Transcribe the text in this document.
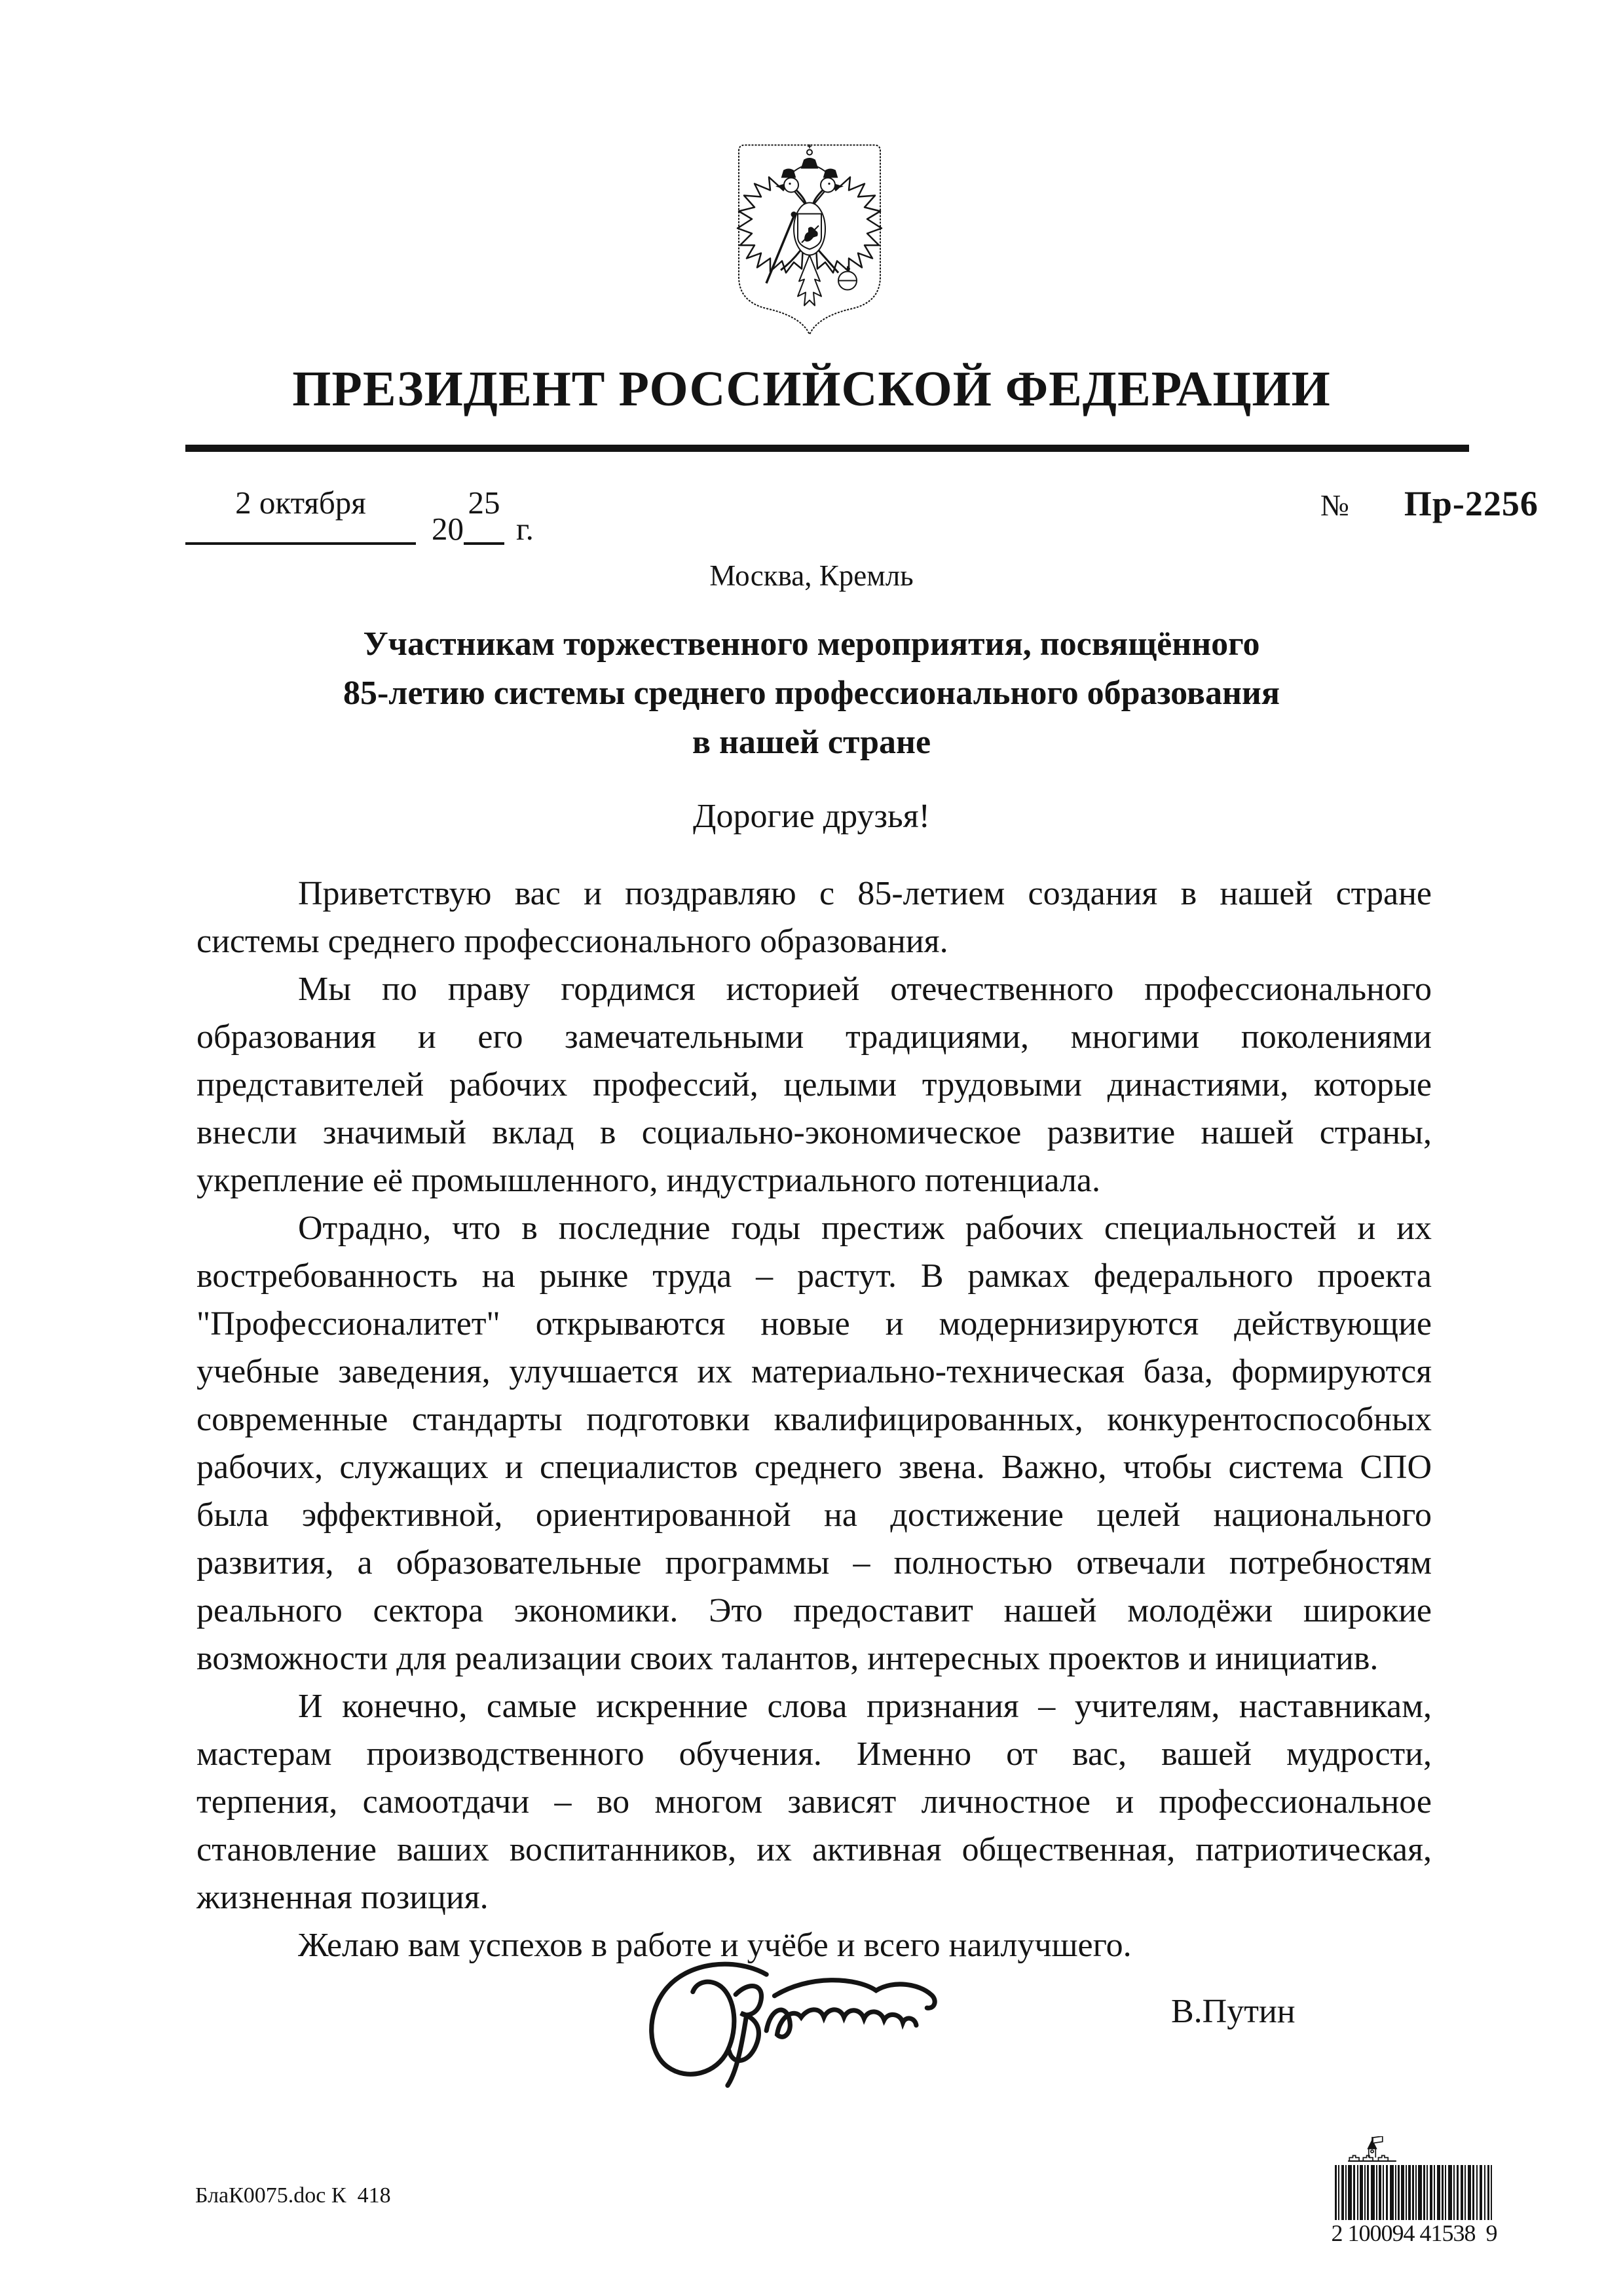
ПРЕЗИДЕНТ РОССИЙСКОЙ ФЕДЕРАЦИИ
2 октября
20
25
г.
№ Пр-2256
Москва, Кремль
Участникам торжественного мероприятия, посвящённого
85-летию системы среднего профессионального образования
в нашей стране
Дорогие друзья!
Приветствую вас и поздравляю с 85-летием создания в нашей стране
системы среднего профессионального образования.
Мы по праву гордимся историей отечественного профессионального
образования и его замечательными традициями, многими поколениями
представителей рабочих профессий, целыми трудовыми династиями, которые
внесли значимый вклад в социально-экономическое развитие нашей страны,
укрепление её промышленного, индустриального потенциала.
Отрадно, что в последние годы престиж рабочих специальностей и их
востребованность на рынке труда – растут. В рамках федерального проекта
"Профессионалитет" открываются новые и модернизируются действующие
учебные заведения, улучшается их материально-техническая база, формируются
современные стандарты подготовки квалифицированных, конкурентоспособных
рабочих, служащих и специалистов среднего звена. Важно, чтобы система СПО
была эффективной, ориентированной на достижение целей национального
развития, а образовательные программы – полностью отвечали потребностям
реального сектора экономики. Это предоставит нашей молодёжи широкие
возможности для реализации своих талантов, интересных проектов и инициатив.
И конечно, самые искренние слова признания – учителям, наставникам,
мастерам производственного обучения. Именно от вас, вашей мудрости,
терпения, самоотдачи – во многом зависят личностное и профессиональное
становление ваших воспитанников, их активная общественная, патриотическая,
жизненная позиция.
Желаю вам успехов в работе и учёбе и всего наилучшего.
В.Путин
БлаК0075.doc К  418
2 100094 41538  9
